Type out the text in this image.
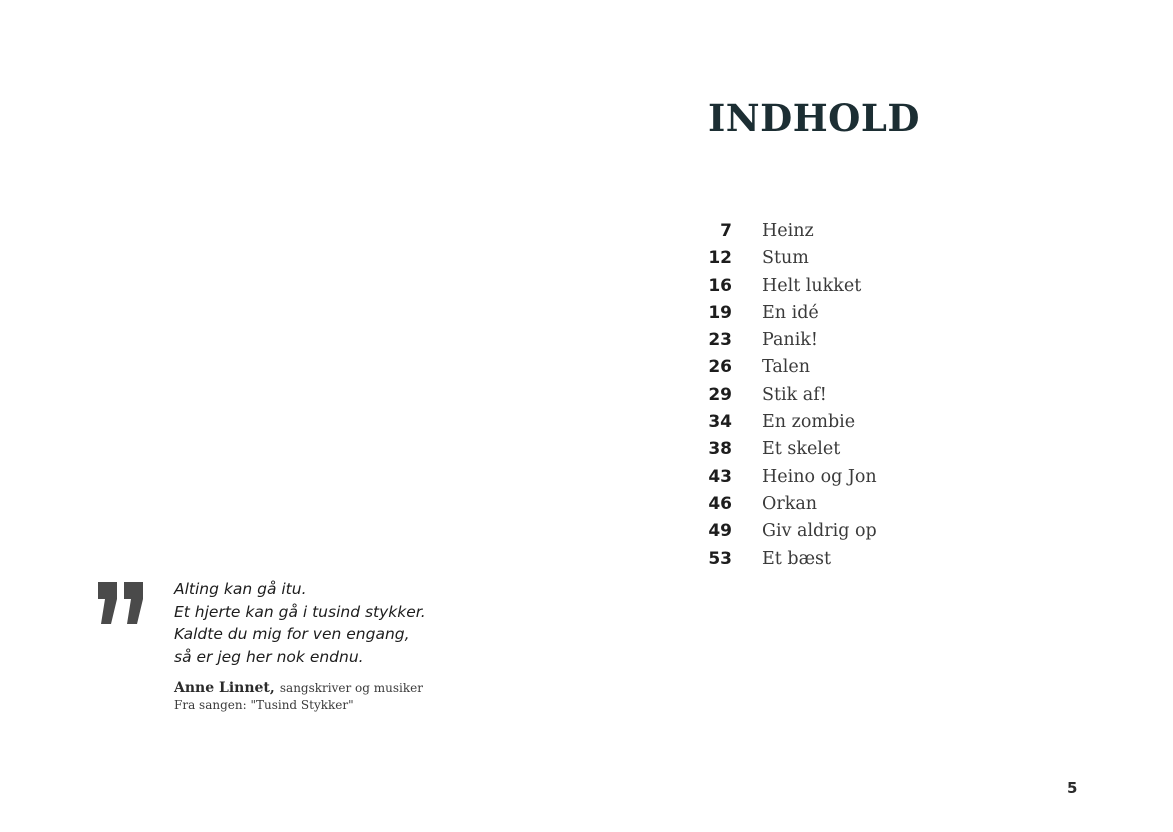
INDHOLD
7 Heinz
12 Stum
16 Helt lukket
19 En idé
23 Panik!
26 Talen
29 Stik af!
34 En zombie
38 Et skelet
43 Heino og Jon
46 Orkan
49 Giv aldrig op
53 Et bæst

Alting kan gå itu.
Et hjerte kan gå i tusind stykker.
Kaldte du mig for ven engang,
så er jeg her nok endnu.

Anne Linnet, sangskriver og musiker
Fra sangen: "Tusind Stykker"

5
